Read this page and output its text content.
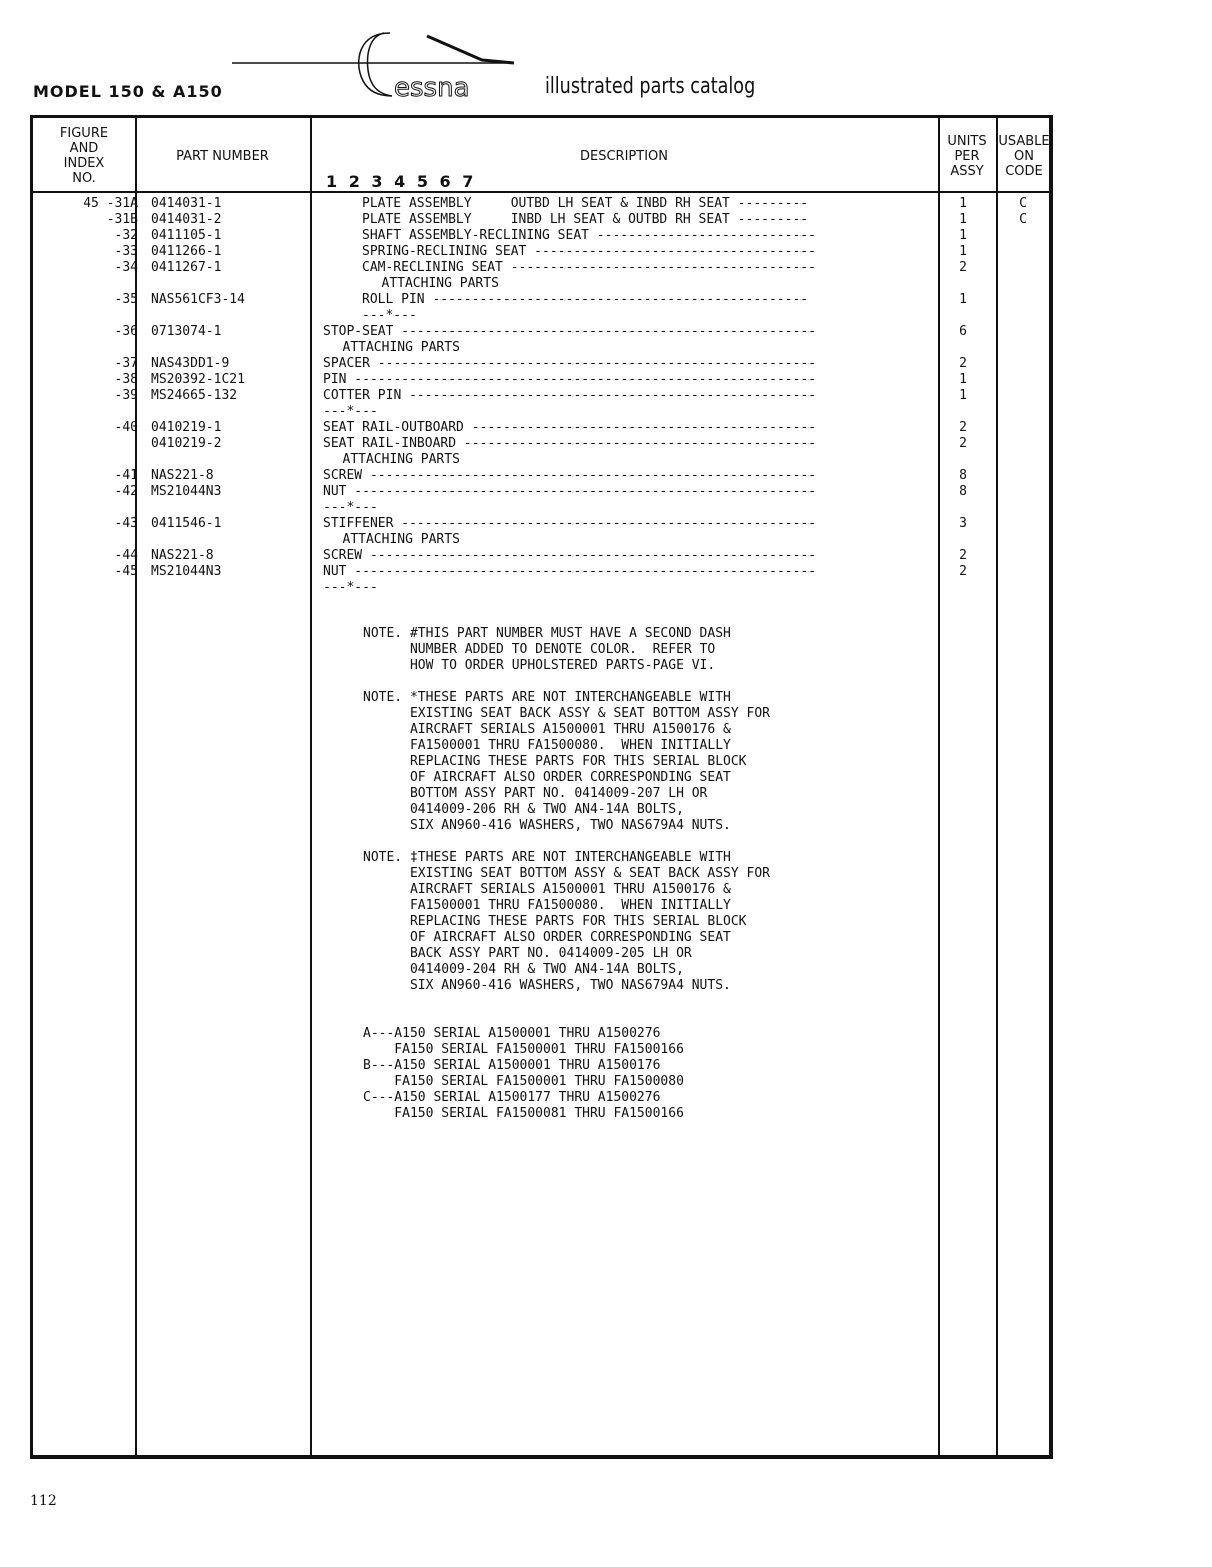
MODEL 150 & A150	essna	illustrated parts catalog
FIGURE
AND
INDEX
NO.
PART NUMBER	DESCRIPTION
1 2 3 4 5 6 7
UNITS
PER
ASSY
USABLE
ON
CODE
45 -31A 0414031-1	PLATE ASSEMBLY     OUTBD LH SEAT & INBD RH SEAT ---------	1	C
-31B 0414031-2	PLATE ASSEMBLY     INBD LH SEAT & OUTBD RH SEAT ---------	1	C
-32 0411105-1	SHAFT ASSEMBLY-RECLINING SEAT ----------------------------	1
-33 0411266-1	SPRING-RECLINING SEAT ------------------------------------	1
-34 0411267-1	CAM-RECLINING SEAT ---------------------------------------	2
ATTACHING PARTS
-35 NAS561CF3-14	ROLL PIN ------------------------------------------------	1
---*---
-36 0713074-1	STOP-SEAT -----------------------------------------------------	6
ATTACHING PARTS
-37 NAS43DD1-9	SPACER --------------------------------------------------------	2
-38 MS20392-1C21	PIN -----------------------------------------------------------	1
-39 MS24665-132	COTTER PIN ----------------------------------------------------	1
---*---
-40 0410219-1	SEAT RAIL-OUTBOARD --------------------------------------------	2
0410219-2	SEAT RAIL-INBOARD ---------------------------------------------	2
ATTACHING PARTS
-41 NAS221-8	SCREW ---------------------------------------------------------	8
-42 MS21044N3	NUT -----------------------------------------------------------	8
---*---
-43 0411546-1	STIFFENER -----------------------------------------------------	3
ATTACHING PARTS
-44 NAS221-8	SCREW ---------------------------------------------------------	2
-45 MS21044N3	NUT -----------------------------------------------------------	2
---*---
NOTE. #THIS PART NUMBER MUST HAVE A SECOND DASH
NUMBER ADDED TO DENOTE COLOR.  REFER TO
HOW TO ORDER UPHOLSTERED PARTS-PAGE VI.
NOTE. *THESE PARTS ARE NOT INTERCHANGEABLE WITH
EXISTING SEAT BACK ASSY & SEAT BOTTOM ASSY FOR
AIRCRAFT SERIALS A1500001 THRU A1500176 &
FA1500001 THRU FA1500080.  WHEN INITIALLY
REPLACING THESE PARTS FOR THIS SERIAL BLOCK
OF AIRCRAFT ALSO ORDER CORRESPONDING SEAT
BOTTOM ASSY PART NO. 0414009-207 LH OR
0414009-206 RH & TWO AN4-14A BOLTS,
SIX AN960-416 WASHERS, TWO NAS679A4 NUTS.
NOTE. ‡THESE PARTS ARE NOT INTERCHANGEABLE WITH
EXISTING SEAT BOTTOM ASSY & SEAT BACK ASSY FOR
AIRCRAFT SERIALS A1500001 THRU A1500176 &
FA1500001 THRU FA1500080.  WHEN INITIALLY
REPLACING THESE PARTS FOR THIS SERIAL BLOCK
OF AIRCRAFT ALSO ORDER CORRESPONDING SEAT
BACK ASSY PART NO. 0414009-205 LH OR
0414009-204 RH & TWO AN4-14A BOLTS,
SIX AN960-416 WASHERS, TWO NAS679A4 NUTS.
A---A150 SERIAL A1500001 THRU A1500276
FA150 SERIAL FA1500001 THRU FA1500166
B---A150 SERIAL A1500001 THRU A1500176
FA150 SERIAL FA1500001 THRU FA1500080
C---A150 SERIAL A1500177 THRU A1500276
FA150 SERIAL FA1500081 THRU FA1500166
112
